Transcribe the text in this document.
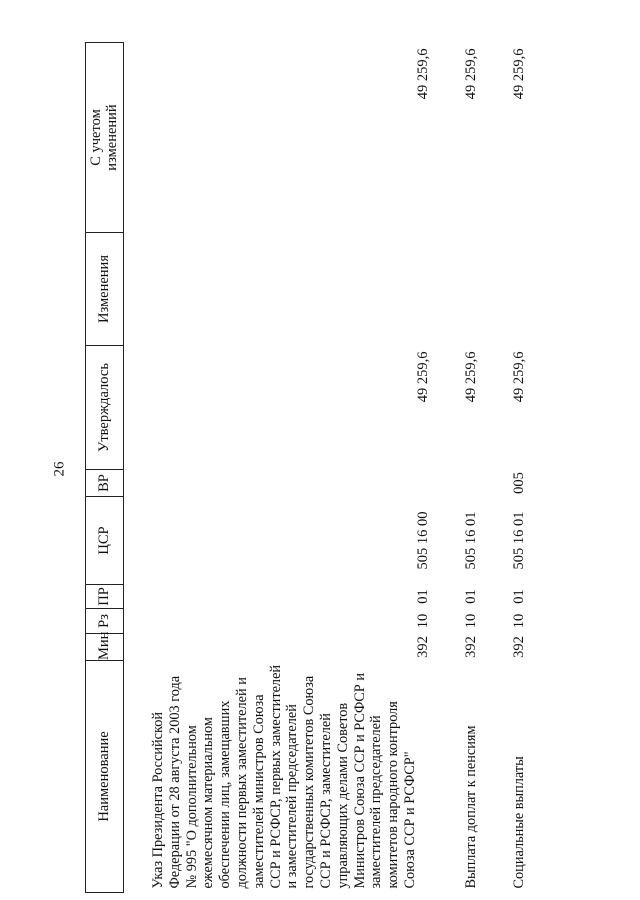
26
Наименование	Мин	Рз	ПР	ЦСР	ВР	Утверждалось	Изменения	С учетом изменений
Указ Президента Российской Федерации от 28 августа 2003 года № 995 "О дополнительном ежемесячном материальном обеспечении лиц, замещавших должности первых заместителей и заместителей министров Союза ССР и РСФСР, первых заместителей и заместителей председателей государственных комитетов Союза ССР и РСФСР, заместителей управляющих делами Советов Министров Союза ССР и РСФСР и заместителей председателей комитетов народного контроля Союза ССР и РСФСР"	392	10	01	505 16 00		49 259,6		49 259,6
Выплата доплат к пенсиям	392	10	01	505 16 01		49 259,6		49 259,6
Социальные выплаты	392	10	01	505 16 01	005	49 259,6		49 259,6
